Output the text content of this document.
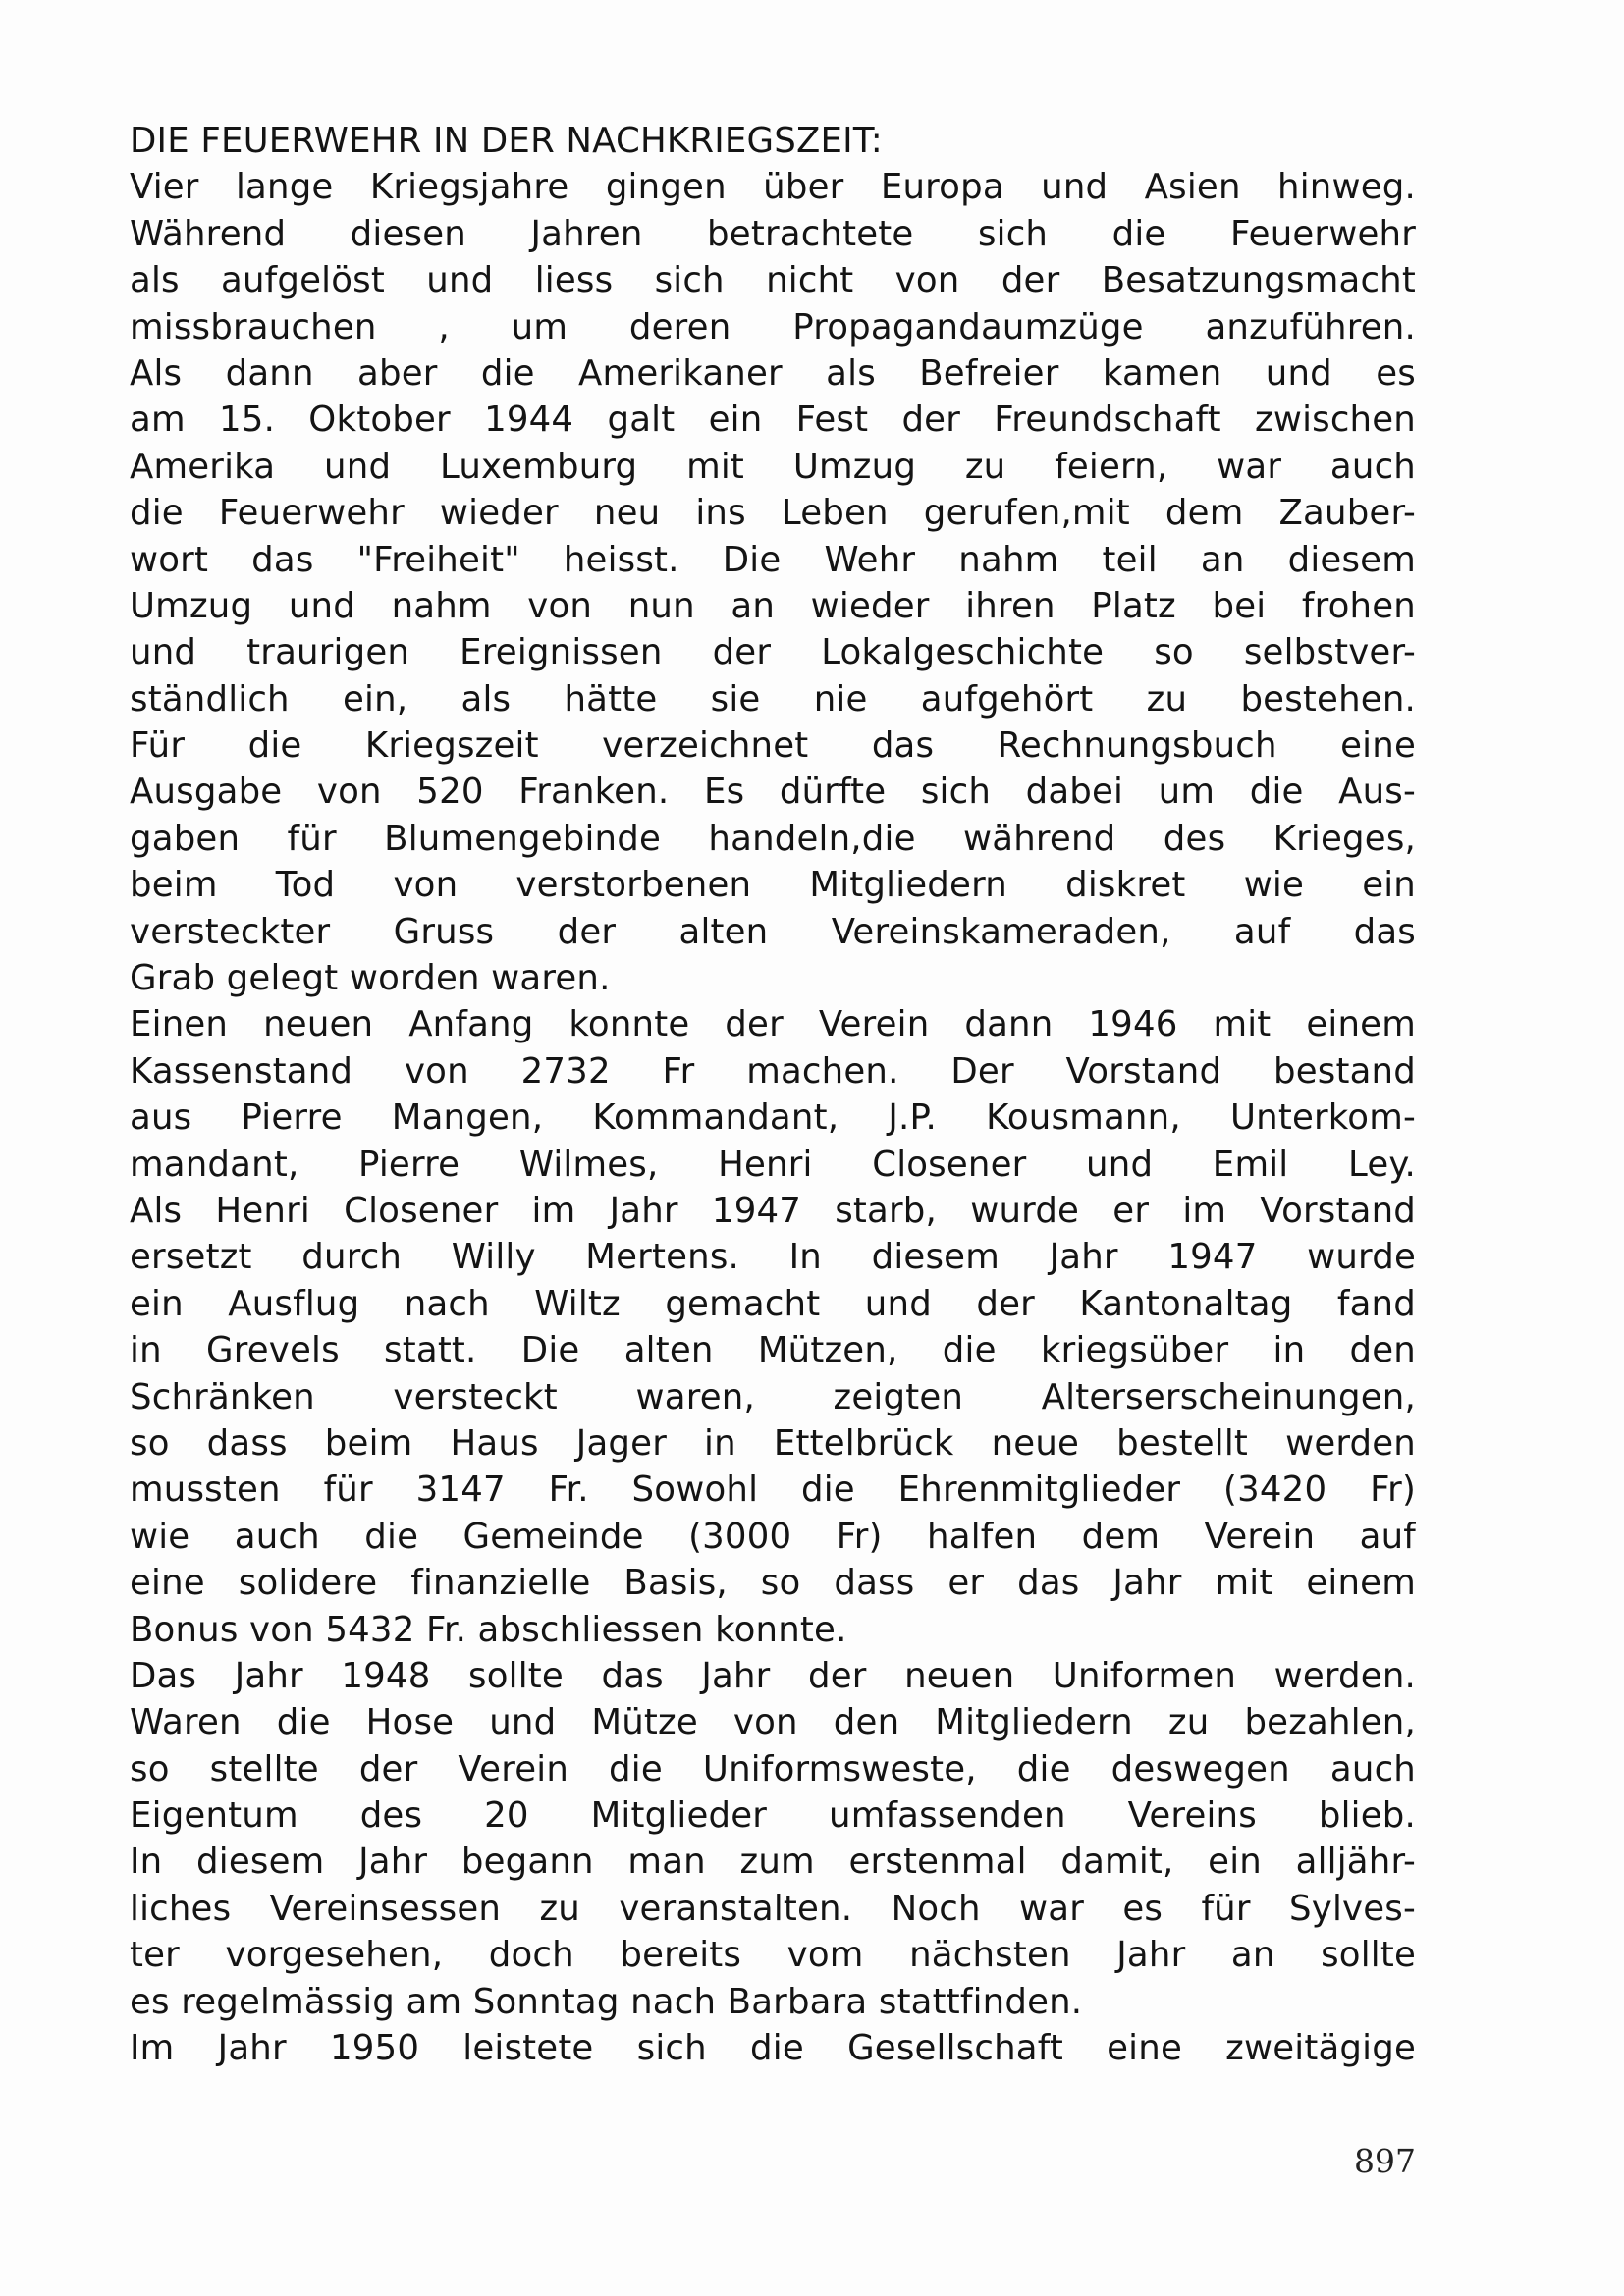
DIE FEUERWEHR IN DER NACHKRIEGSZEIT:
Vier lange Kriegsjahre gingen über Europa und Asien hinweg.
Während diesen Jahren betrachtete sich die Feuerwehr
als aufgelöst und liess sich nicht von der Besatzungsmacht
missbrauchen , um deren Propagandaumzüge anzuführen.
Als dann aber die Amerikaner als Befreier kamen und es
am 15. Oktober 1944 galt ein Fest der Freundschaft zwischen
Amerika und Luxemburg mit Umzug zu feiern, war auch
die Feuerwehr wieder neu ins Leben gerufen,mit dem Zauber-
wort das "Freiheit" heisst. Die Wehr nahm teil an diesem
Umzug und nahm von nun an wieder ihren Platz bei frohen
und traurigen Ereignissen der Lokalgeschichte so selbstver-
ständlich ein, als hätte sie nie aufgehört zu bestehen.
Für die Kriegszeit verzeichnet das Rechnungsbuch eine
Ausgabe von 520 Franken. Es dürfte sich dabei um die Aus-
gaben für Blumengebinde handeln,die während des Krieges,
beim Tod von verstorbenen Mitgliedern diskret wie ein
versteckter Gruss der alten Vereinskameraden, auf das
Grab gelegt worden waren.
Einen neuen Anfang konnte der Verein dann 1946 mit einem
Kassenstand von 2732 Fr machen. Der Vorstand bestand
aus Pierre Mangen, Kommandant, J.P. Kousmann, Unterkom-
mandant, Pierre Wilmes, Henri Closener und Emil Ley.
Als Henri Closener im Jahr 1947 starb, wurde er im Vorstand
ersetzt durch Willy Mertens. In diesem Jahr 1947 wurde
ein Ausflug nach Wiltz gemacht und der Kantonaltag fand
in Grevels statt. Die alten Mützen, die kriegsüber in den
Schränken versteckt waren, zeigten Alterserscheinungen,
so dass beim Haus Jager in Ettelbrück neue bestellt werden
mussten für 3147 Fr. Sowohl die Ehrenmitglieder (3420 Fr)
wie auch die Gemeinde (3000 Fr) halfen dem Verein auf
eine solidere finanzielle Basis, so dass er das Jahr mit einem
Bonus von 5432 Fr. abschliessen konnte.
Das Jahr 1948 sollte das Jahr der neuen Uniformen werden.
Waren die Hose und Mütze von den Mitgliedern zu bezahlen,
so stellte der Verein die Uniformsweste, die deswegen auch
Eigentum des 20 Mitglieder umfassenden Vereins blieb.
In diesem Jahr begann man zum erstenmal damit, ein alljähr-
liches Vereinsessen zu veranstalten. Noch war es für Sylves-
ter vorgesehen, doch bereits vom nächsten Jahr an sollte
es regelmässig am Sonntag nach Barbara stattfinden.
Im Jahr 1950 leistete sich die Gesellschaft eine zweitägige
897
